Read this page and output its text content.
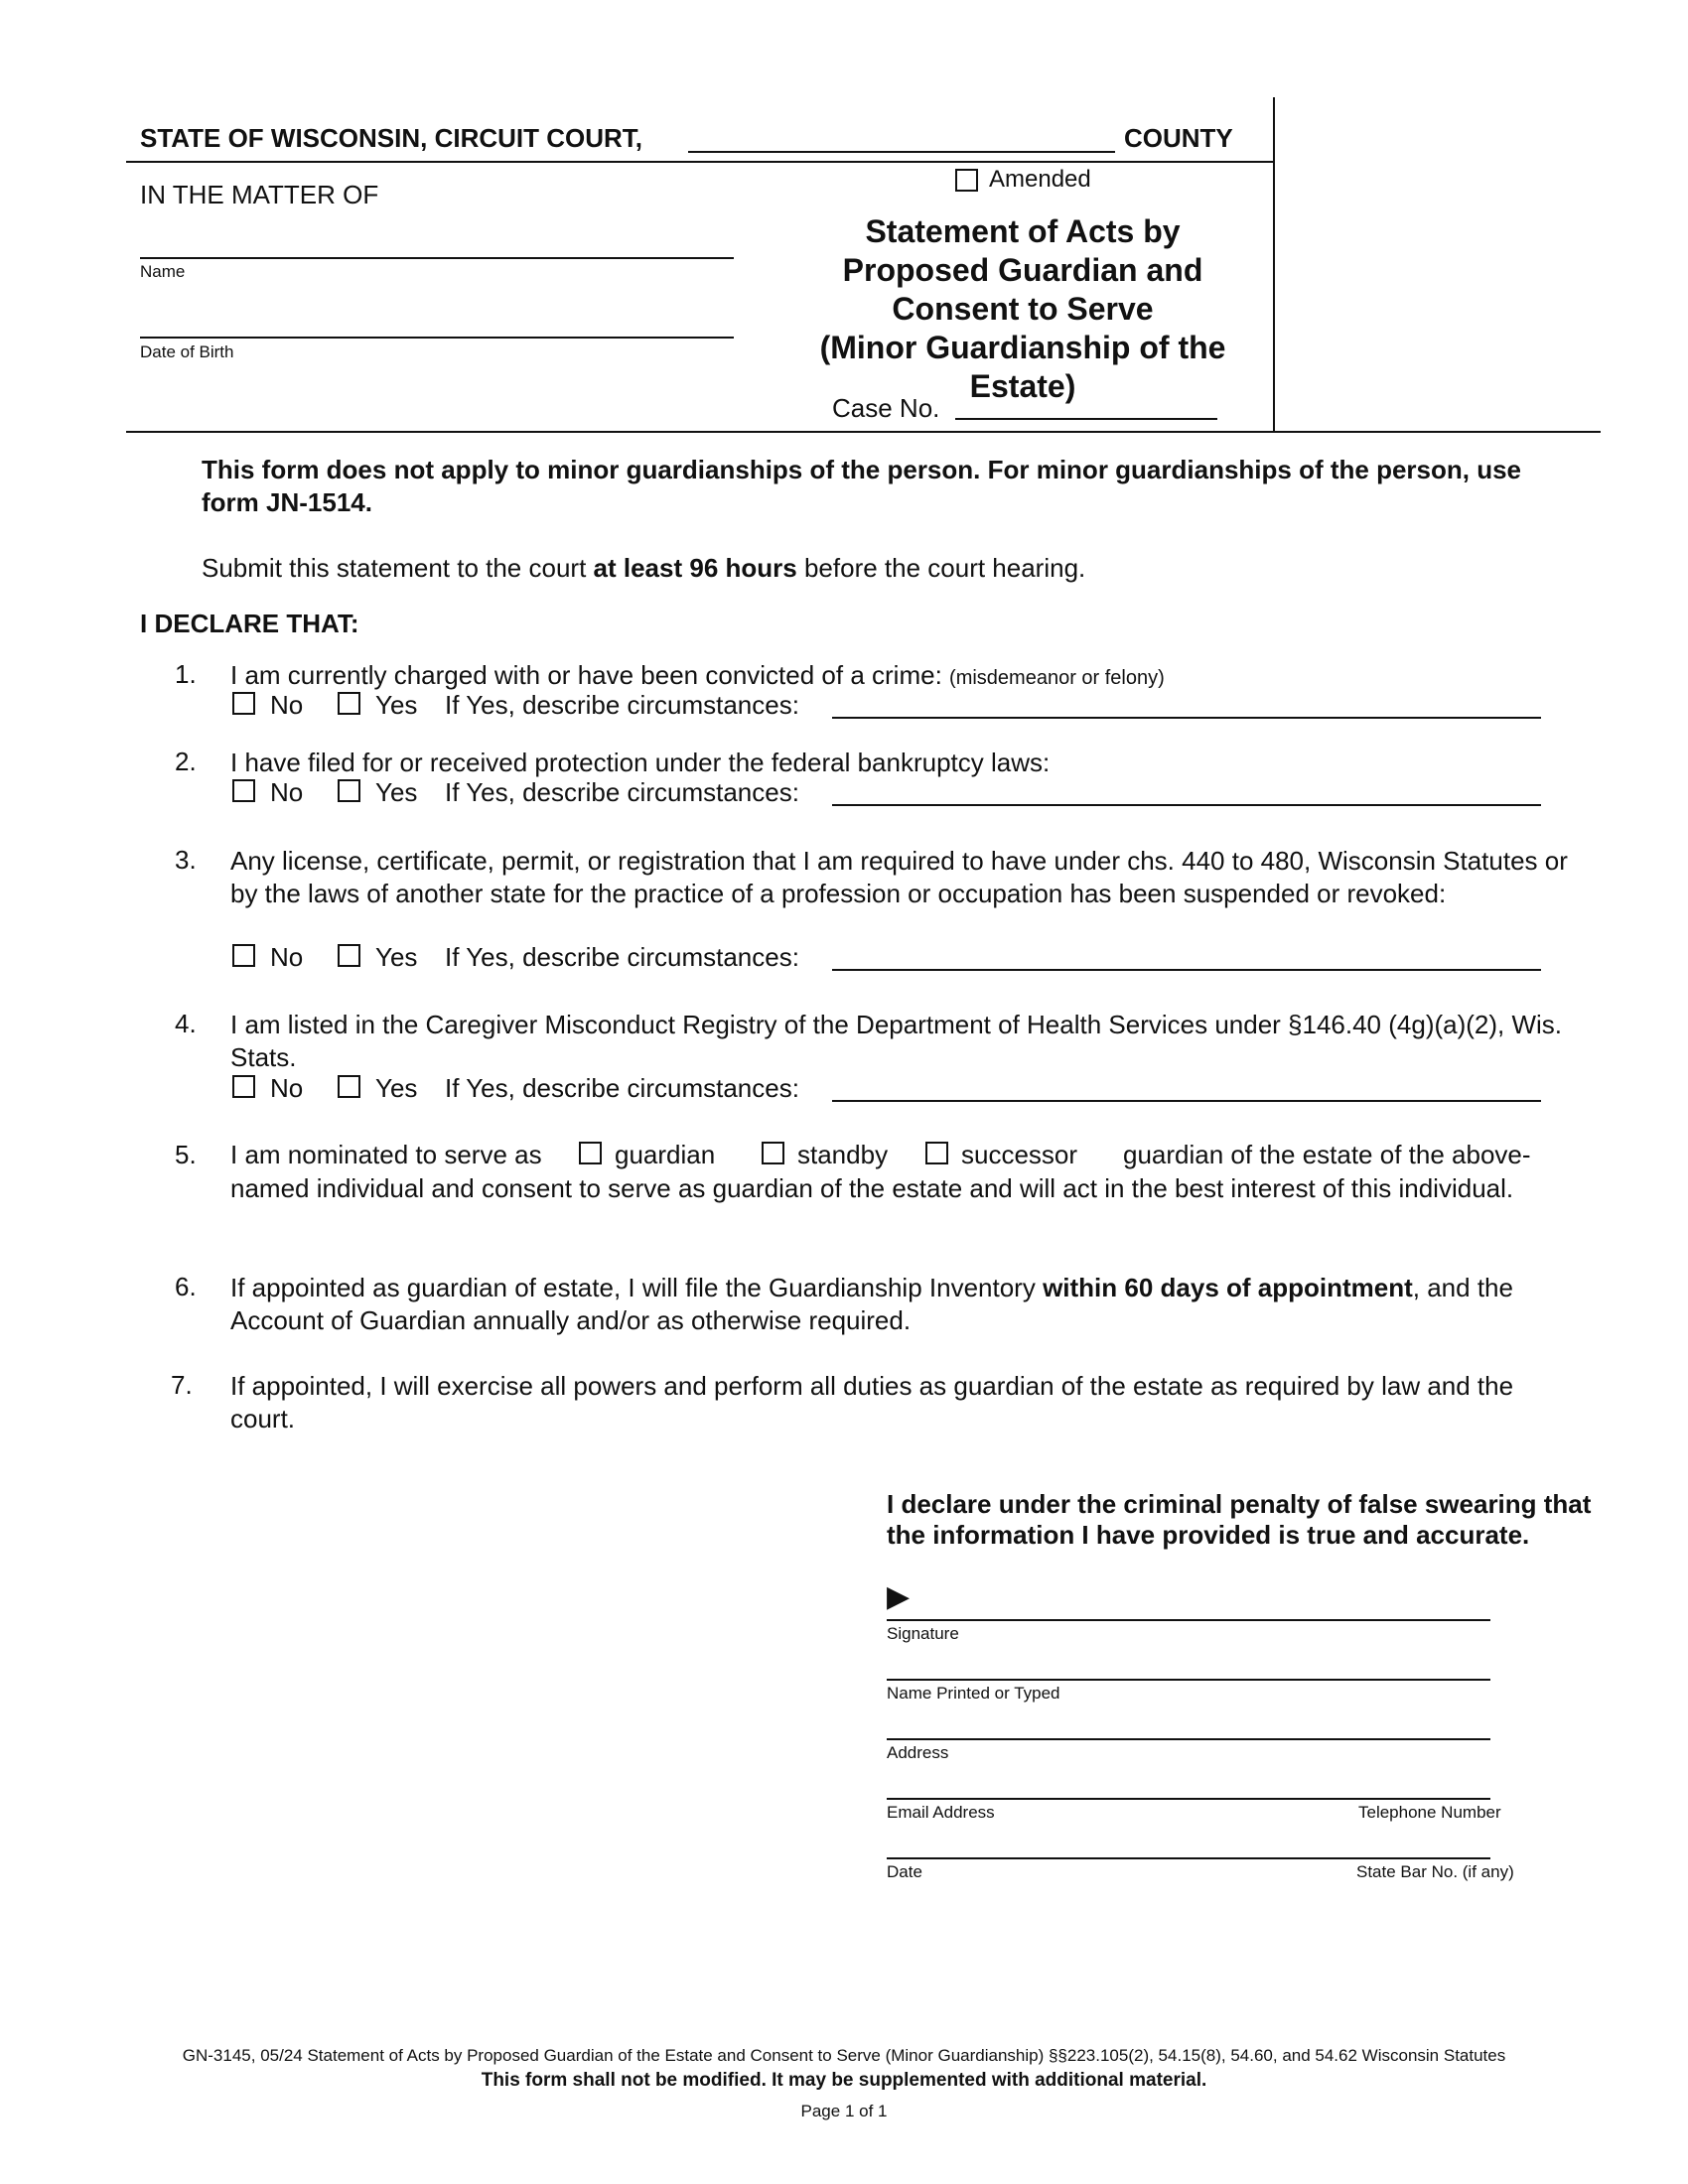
STATE OF WISCONSIN, CIRCUIT COURT,	COUNTY
IN THE MATTER OF
Name
Date of Birth
Amended
Statement of Acts by
Proposed Guardian and
Consent to Serve
(Minor Guardianship of the Estate)
Case No.
This form does not apply to minor guardianships of the person. For minor guardianships of the person, use form JN-1514.
Submit this statement to the court at least 96 hours before the court hearing.
I DECLARE THAT:
1. I am currently charged with or have been convicted of a crime: (misdemeanor or felony)
No	Yes If Yes, describe circumstances:
2. I have filed for or received protection under the federal bankruptcy laws:
No	Yes If Yes, describe circumstances:
3. Any license, certificate, permit, or registration that I am required to have under chs. 440 to 480, Wisconsin Statutes or by the laws of another state for the practice of a profession or occupation has been suspended or revoked:
No	Yes If Yes, describe circumstances:
4. I am listed in the Caregiver Misconduct Registry of the Department of Health Services under §146.40 (4g)(a)(2), Wis. Stats.
No	Yes If Yes, describe circumstances:
5. I am nominated to serve as	guardian	standby	successor guardian of the estate of the above-
named individual and consent to serve as guardian of the estate and will act in the best interest of this individual.
6. If appointed as guardian of estate, I will file the Guardianship Inventory within 60 days of appointment, and the Account of Guardian annually and/or as otherwise required.
7. If appointed, I will exercise all powers and perform all duties as guardian of the estate as required by law and the court.
I declare under the criminal penalty of false swearing that the information I have provided is true and accurate.
▶
Signature
Name Printed or Typed
Address
Email Address	Telephone Number
Date	State Bar No. (if any)
GN-3145, 05/24 Statement of Acts by Proposed Guardian of the Estate and Consent to Serve (Minor Guardianship) §§223.105(2), 54.15(8), 54.60, and 54.62 Wisconsin Statutes
This form shall not be modified. It may be supplemented with additional material.
Page 1 of 1
